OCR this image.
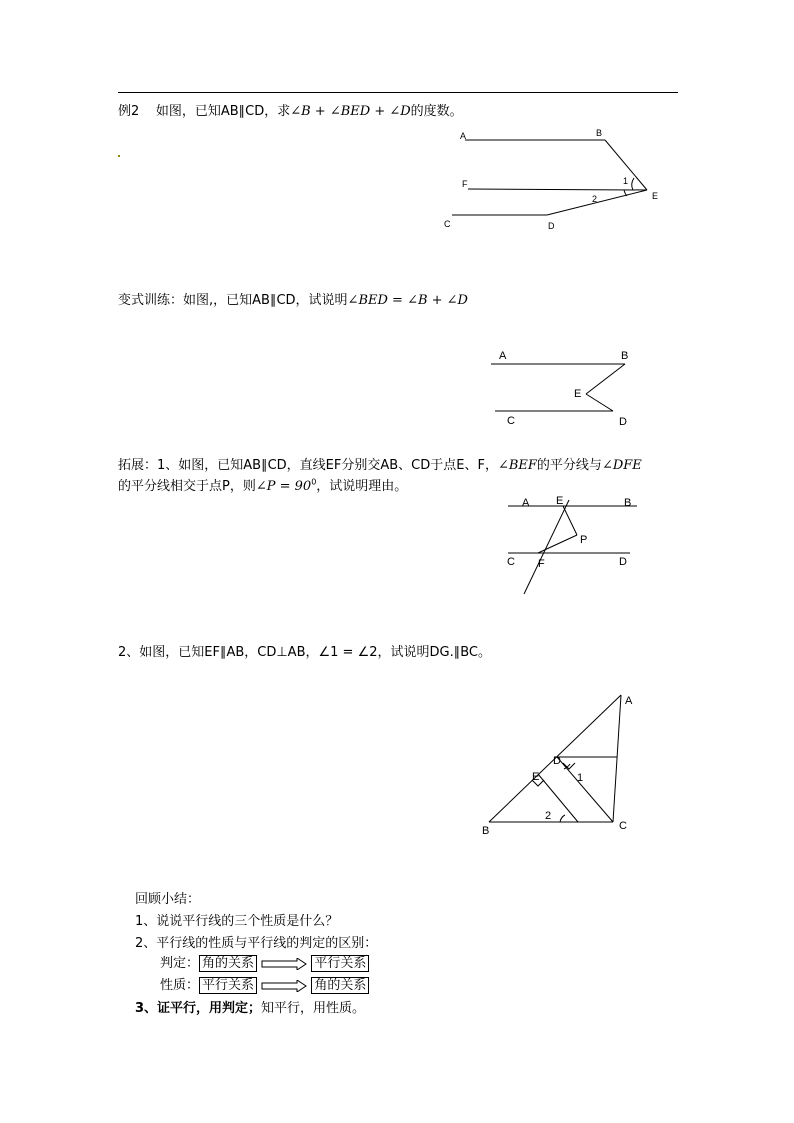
例2 如图，已知AB∥CD，求∠B + ∠BED + ∠D的度数。
A	B
F
E
C	D
1
2
变式训练：如图,，已知AB∥CD，试说明∠BED = ∠B + ∠D
A	B
E
C	D
拓展：1、如图，已知AB∥CD，直线EF分别交AB、CD于点E、F，∠BEF的平分线与∠DFE
的平分线相交于点P，则∠P = $90^0$，试说明理由。
A E	B
P
C F	D
2、如图，已知EF∥AB，CD⊥AB，∠1 = ∠2，试说明DG.∥BC。
A
D
E	1
2
B	C
回顾小结：
1、说说平行线的三个性质是什么？
2、平行线的性质与平行线的判定的区别：
判定： 角的关系	平行关系
性质： 平行关系	角的关系
3、证平行，用判定；知平行，用性质。
